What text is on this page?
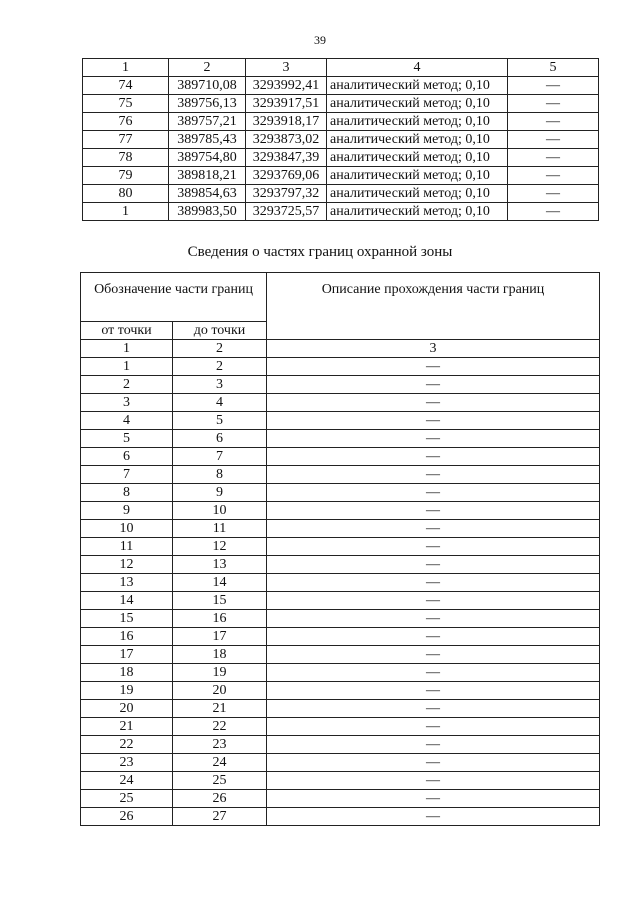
39
1	2	3	4	5
74	389710,08	3293992,41	аналитический метод; 0,10	—
75	389756,13	3293917,51	аналитический метод; 0,10	—
76	389757,21	3293918,17	аналитический метод; 0,10	—
77	389785,43	3293873,02	аналитический метод; 0,10	—
78	389754,80	3293847,39	аналитический метод; 0,10	—
79	389818,21	3293769,06	аналитический метод; 0,10	—
80	389854,63	3293797,32	аналитический метод; 0,10	—
1	389983,50	3293725,57	аналитический метод; 0,10	—
Сведения о частях границ охранной зоны
Обозначение части границ		Описание прохождения части границ
от точки	до точки	
1	2	3
1	2	—
2	3	—
3	4	—
4	5	—
5	6	—
6	7	—
7	8	—
8	9	—
9	10	—
10	11	—
11	12	—
12	13	—
13	14	—
14	15	—
15	16	—
16	17	—
17	18	—
18	19	—
19	20	—
20	21	—
21	22	—
22	23	—
23	24	—
24	25	—
25	26	—
26	27	—
